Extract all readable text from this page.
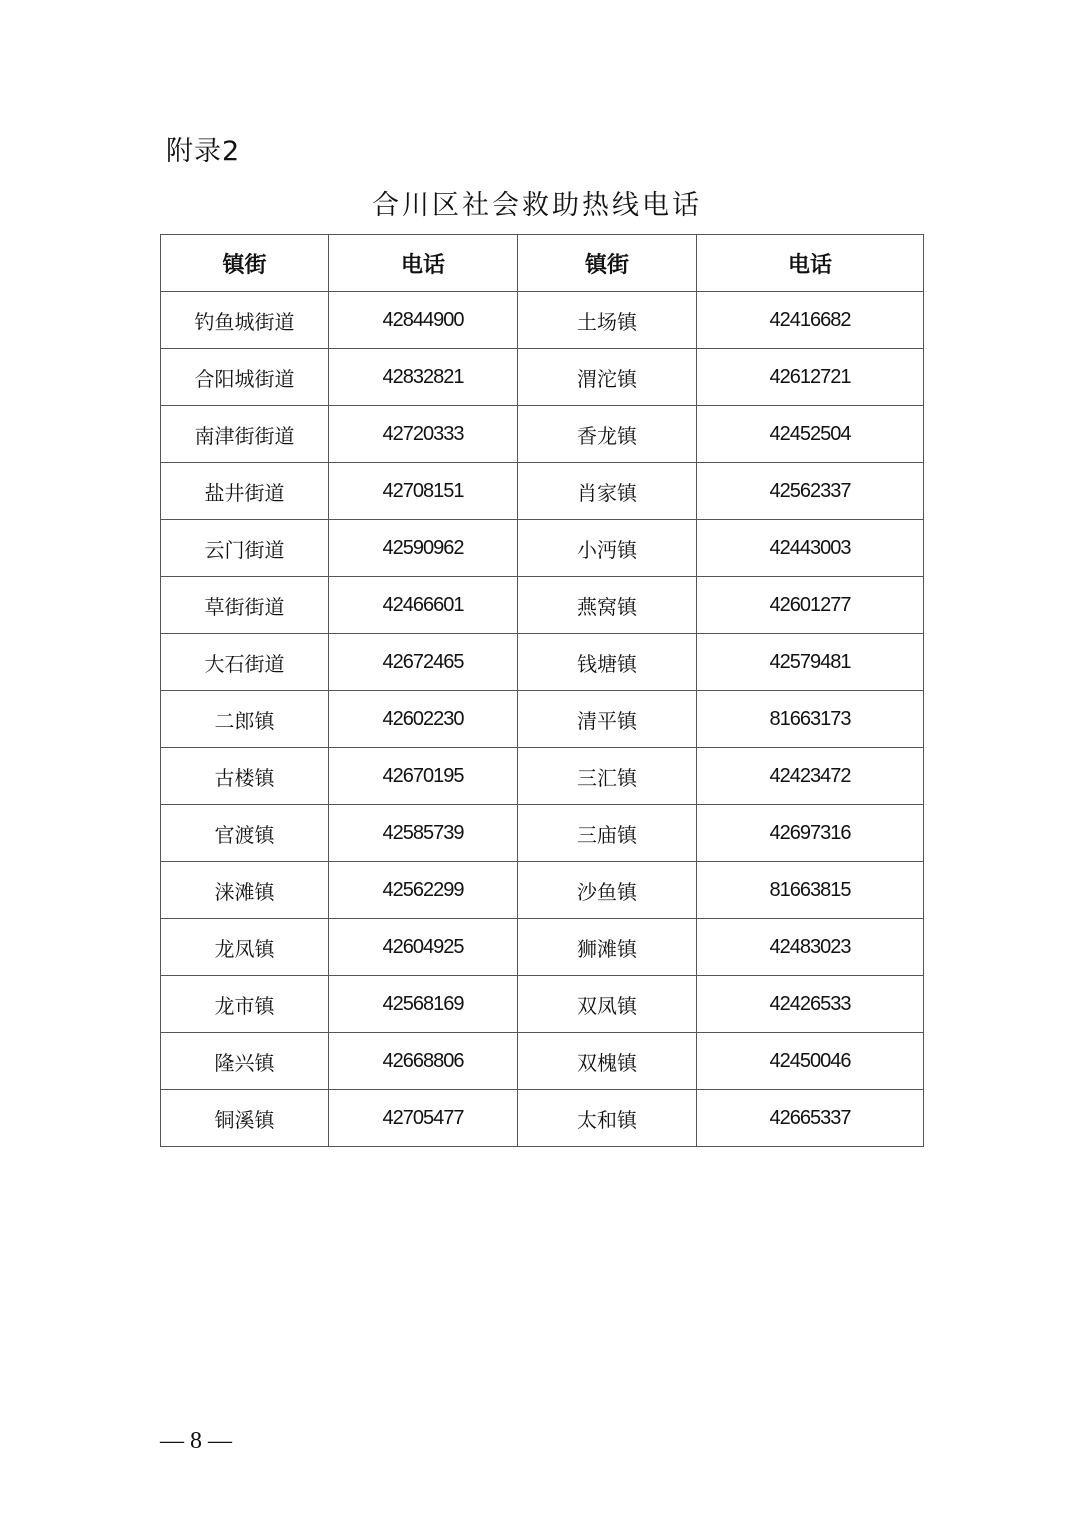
附录2
合川区社会救助热线电话
镇街	电话	镇街	电话
钓鱼城街道	42844900	土场镇	42416682
合阳城街道	42832821	渭沱镇	42612721
南津街街道	42720333	香龙镇	42452504
盐井街道	42708151	肖家镇	42562337
云门街道	42590962	小沔镇	42443003
草街街道	42466601	燕窝镇	42601277
大石街道	42672465	钱塘镇	42579481
二郎镇	42602230	清平镇	81663173
古楼镇	42670195	三汇镇	42423472
官渡镇	42585739	三庙镇	42697316
涞滩镇	42562299	沙鱼镇	81663815
龙凤镇	42604925	狮滩镇	42483023
龙市镇	42568169	双凤镇	42426533
隆兴镇	42668806	双槐镇	42450046
铜溪镇	42705477	太和镇	42665337
— 8 —
